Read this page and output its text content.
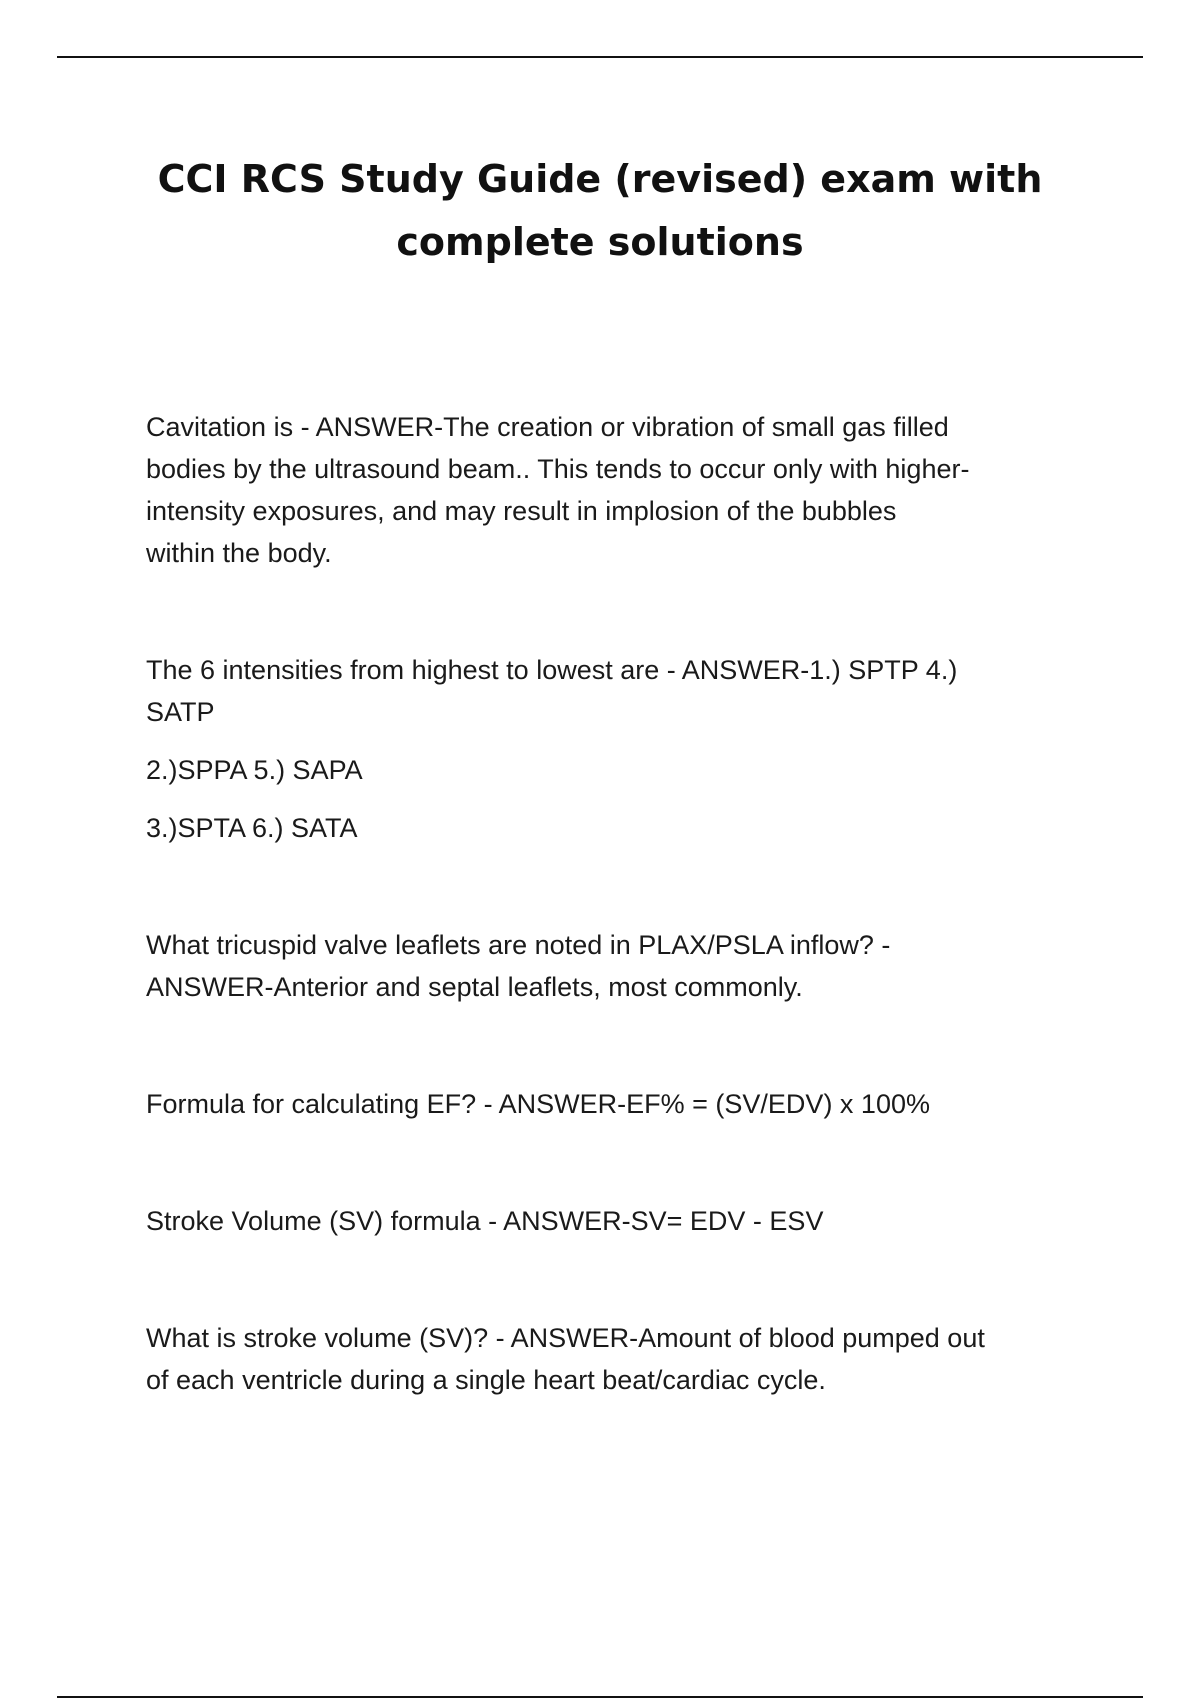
CCI RCS Study Guide (revised) exam with
complete solutions

Cavitation is - ANSWER-The creation or vibration of small gas filled

bodies by the ultrasound beam.. This tends to occur only with higher-

intensity exposures, and may result in implosion of the bubbles

within the body.

The 6 intensities from highest to lowest are - ANSWER-1.) SPTP 4.)

SATP

2.)SPPA 5.) SAPA

3.)SPTA 6.) SATA

What tricuspid valve leaflets are noted in PLAX/PSLA inflow? -

ANSWER-Anterior and septal leaflets, most commonly.

Formula for calculating EF? - ANSWER-EF% = (SV/EDV) x 100%

Stroke Volume (SV) formula - ANSWER-SV= EDV - ESV

What is stroke volume (SV)? - ANSWER-Amount of blood pumped out

of each ventricle during a single heart beat/cardiac cycle.
